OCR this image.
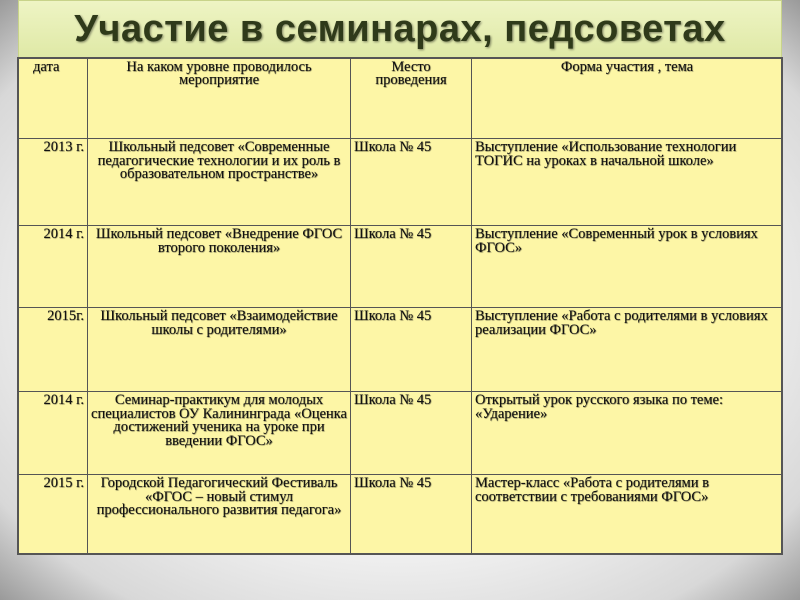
Участие в семинарах, педсоветах
дата	На каком уровне проводилось мероприятие	Место проведения	Форма участия , тема
2013 г.	Школьный педсовет «Современные педагогические технологии и их роль в образовательном пространстве»	Школа № 45	Выступление «Использование технологии ТОГИС на уроках в начальной школе»
2014 г.	Школьный педсовет «Внедрение ФГОС второго поколения»	Школа № 45	Выступление «Современный урок в условиях ФГОС»
2015г.	Школьный педсовет «Взаимодействие школы с родителями»	Школа № 45	Выступление «Работа с родителями в условиях реализации ФГОС»
2014 г.	Семинар-практикум для молодых специалистов ОУ Калининграда «Оценка достижений ученика на уроке при введении ФГОС»	Школа № 45	Открытый урок русского языка по теме: «Ударение»
2015 г.	Городской Педагогический Фестиваль «ФГОС – новый стимул профессионального развития педагога»	Школа № 45	Мастер-класс «Работа с родителями в соответствии с требованиями ФГОС»
